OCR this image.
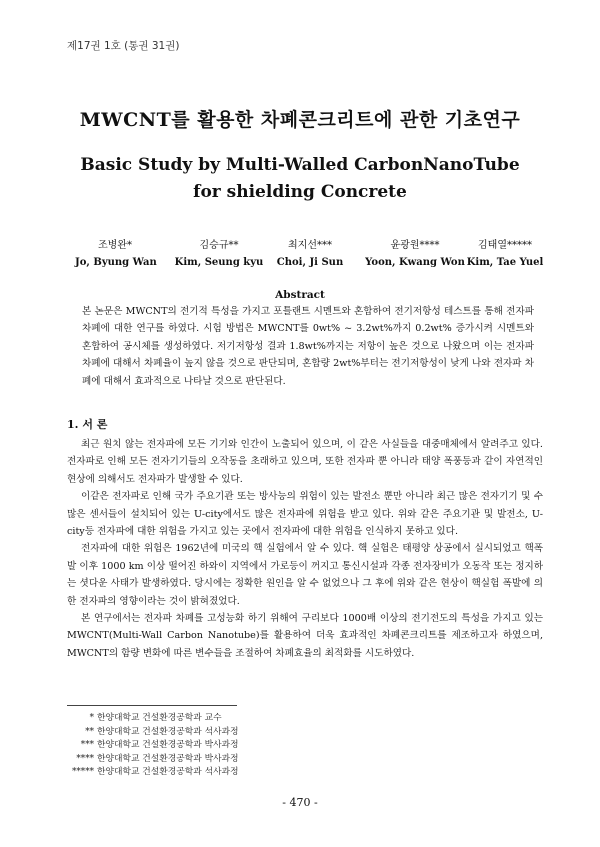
제17권 1호 (통권 31권)
MWCNT를 활용한 차폐콘크리트에 관한 기초연구
Basic Study by Multi-Walled CarbonNanoTube
for shielding Concrete
조병완*
Jo, Byung Wan
김승규**
Kim, Seung kyu
최지선***
Choi, Ji Sun
윤광원****
Yoon, Kwang Won
김태열*****
Kim, Tae Yuel
Abstract
본 논문은 MWCNT의 전기적 특성을 가지고 포틀랜트 시멘트와 혼합하여 전기저항성 테스트를 통해 전자파차폐에 대한 연구를 하였다. 시험 방법은 MWCNT를 0wt% ~ 3.2wt%까지 0.2wt% 증가시켜 시멘트와 혼합하여 공시체를 생성하였다. 저기저항성 결과 1.8wt%까지는 저항이 높은 것으로 나왔으며 이는 전자파 차폐에 대해서 차폐율이 높지 않을 것으로 판단되며, 혼합량 2wt%부터는 전기저항성이 낮게 나와 전자파 차폐에 대해서 효과적으로 나타날 것으로 판단된다.
1. 서 론

최근 원치 않는 전자파에 모든 기기와 인간이 노출되어 있으며, 이 같은 사실들을 대중매체에서 알려주고 있다. 전자파로 인해 모든 전자기기들의 오작동을 초래하고 있으며, 또한 전자파 뿐 아니라 태양 폭풍등과 같이 자연적인 현상에 의해서도 전자파가 발생할 수 있다.

이같은 전자파로 인해 국가 주요기관 또는 방사능의 위험이 있는 발전소 뿐만 아니라 최근 많은 전자기기 및 수많은 센서들이 설치되어 있는 U-city에서도 많은 전자파에 위험을 받고 있다. 위와 같은 주요기관 및 발전소, U-city등 전자파에 대한 위험을 가지고 있는 곳에서 전자파에 대한 위험을 인식하지 못하고 있다.

전자파에 대한 위험은 1962년에 미국의 핵 실험에서 알 수 있다. 핵 실험은 태평양 상공에서 실시되었고 핵폭발 이후 1000 km 이상 떨어진 하와이 지역에서 가로등이 꺼지고 통신시설과 각종 전자장비가 오동작 또는 정지하는 셧다운 사태가 발생하였다. 당시에는 정확한 원인을 알 수 없었으나 그 후에 위와 같은 현상이 핵실험 폭발에 의한 전자파의 영향이라는 것이 밝혀졌었다.

본 연구에서는 전자파 차폐를 고성능화 하기 위해여 구리보다 1000배 이상의 전기전도의 특성을 가지고 있는 MWCNT(Multi-Wall Carbon Nanotube)를 활용하여 더욱 효과적인 차폐콘크리트를 제조하고자 하였으며, MWCNT의 함량 변화에 따른 변수들을 조절하여 차폐효율의 최적화를 시도하였다.

* 한양대학교 건설환경공학과 교수
** 한양대학교 건설환경공학과 석사과정
*** 한양대학교 건설환경공학과 박사과정
**** 한양대학교 건설환경공학과 박사과정
***** 한양대학교 건설환경공학과 석사과정
- 470 -
